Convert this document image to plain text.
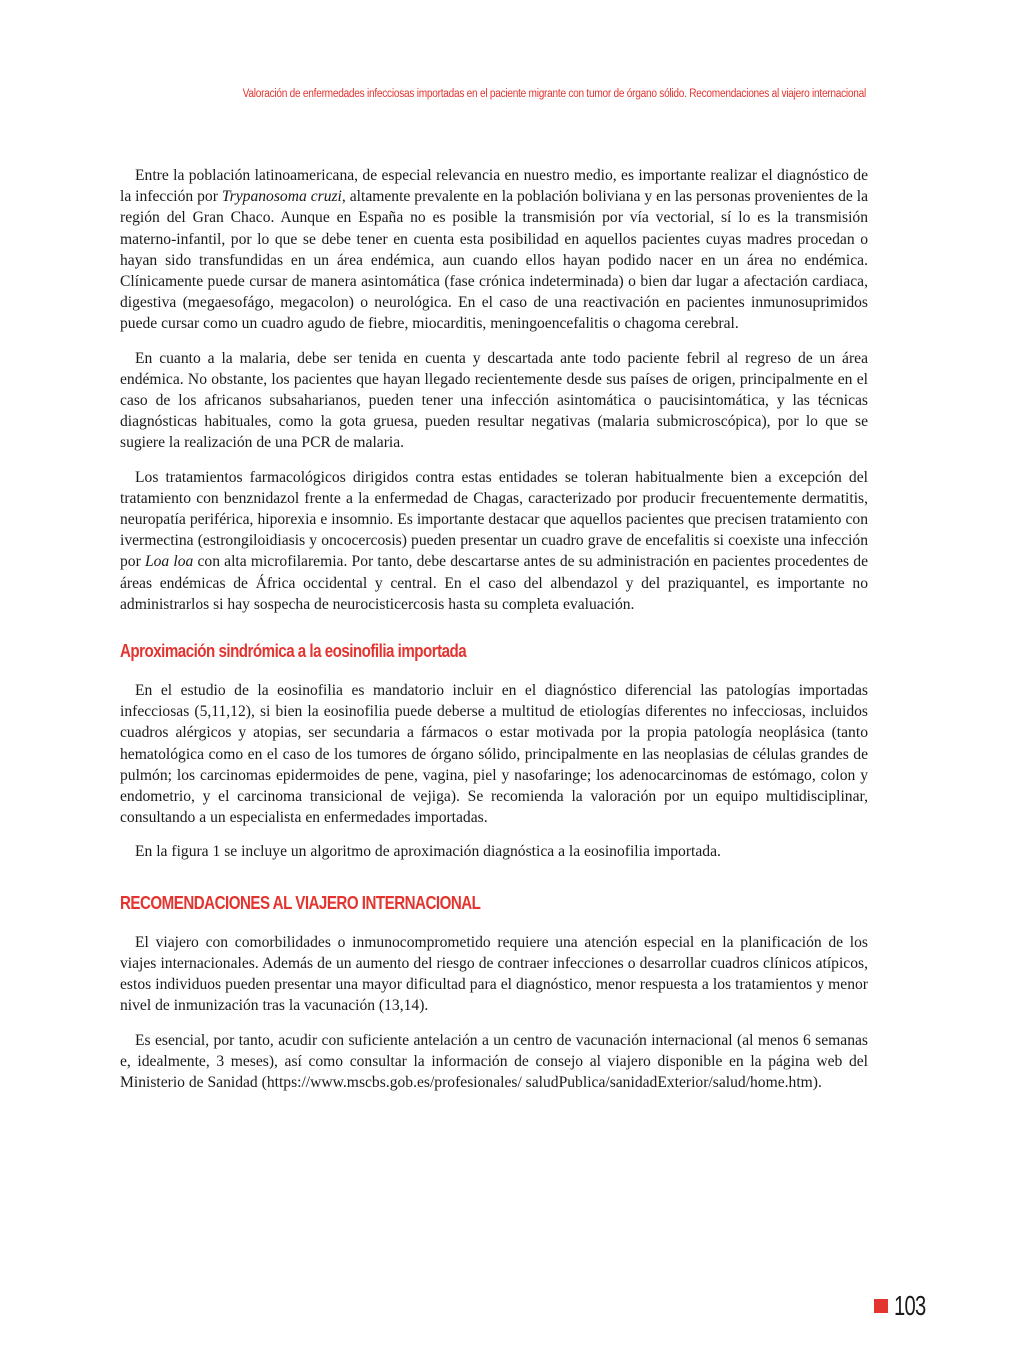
Valoración de enfermedades infecciosas importadas en el paciente migrante con tumor de órgano sólido. Recomendaciones al viajero internacional

Entre la población latinoamericana, de especial relevancia en nuestro medio, es importante realizar el diagnóstico de la infección por Trypanosoma cruzi, altamente prevalente en la población boliviana y en las personas provenientes de la región del Gran Chaco. Aunque en España no es posible la transmisión por vía vectorial, sí lo es la transmisión materno-infantil, por lo que se debe tener en cuenta esta posibilidad en aquellos pacientes cuyas madres procedan o hayan sido transfundidas en un área endémica, aun cuando ellos hayan podido nacer en un área no endémica. Clínicamente puede cursar de manera asintomática (fase crónica indeterminada) o bien dar lugar a afectación cardiaca, digestiva (megaesofágo, megacolon) o neurológica. En el caso de una reactivación en pacientes inmunosuprimidos puede cursar como un cuadro agudo de fiebre, miocarditis, meningoencefalitis o chagoma cerebral.

En cuanto a la malaria, debe ser tenida en cuenta y descartada ante todo paciente febril al regreso de un área endémica. No obstante, los pacientes que hayan llegado recientemente desde sus países de origen, principalmente en el caso de los africanos subsaharianos, pueden tener una infección asintomática o paucisintomática, y las técnicas diagnósticas habituales, como la gota gruesa, pueden resultar negativas (malaria submicroscópica), por lo que se sugiere la realización de una PCR de malaria.

Los tratamientos farmacológicos dirigidos contra estas entidades se toleran habitualmente bien a excepción del tratamiento con benznidazol frente a la enfermedad de Chagas, caracterizado por producir frecuentemente dermatitis, neuropatía periférica, hiporexia e insomnio. Es importante destacar que aquellos pacientes que precisen tratamiento con ivermectina (estrongiloidiasis y oncocercosis) pueden presentar un cuadro grave de encefalitis si coexiste una infección por Loa loa con alta microfilaremia. Por tanto, debe descartarse antes de su administración en pacientes procedentes de áreas endémicas de África occidental y central. En el caso del albendazol y del praziquantel, es importante no administrarlos si hay sospecha de neurocisticercosis hasta su completa evaluación.

Aproximación sindrómica a la eosinofilia importada

En el estudio de la eosinofilia es mandatorio incluir en el diagnóstico diferencial las patologías importadas infecciosas (5,11,12), si bien la eosinofilia puede deberse a multitud de etiologías diferentes no infecciosas, incluidos cuadros alérgicos y atopias, ser secundaria a fármacos o estar motivada por la propia patología neoplásica (tanto hematológica como en el caso de los tumores de órgano sólido, principalmente en las neoplasias de células grandes de pulmón; los carcinomas epidermoides de pene, vagina, piel y nasofaringe; los adenocarcinomas de estómago, colon y endometrio, y el carcinoma transicional de vejiga). Se recomienda la valoración por un equipo multidisciplinar, consultando a un especialista en enfermedades importadas.

En la figura 1 se incluye un algoritmo de aproximación diagnóstica a la eosinofilia importada.

RECOMENDACIONES AL VIAJERO INTERNACIONAL

El viajero con comorbilidades o inmunocomprometido requiere una atención especial en la planificación de los viajes internacionales. Además de un aumento del riesgo de contraer infecciones o desarrollar cuadros clínicos atípicos, estos individuos pueden presentar una mayor dificultad para el diagnóstico, menor respuesta a los tratamientos y menor nivel de inmunización tras la vacunación (13,14).

Es esencial, por tanto, acudir con suficiente antelación a un centro de vacunación internacional (al menos 6 semanas e, idealmente, 3 meses), así como consultar la información de consejo al viajero disponible en la página web del Ministerio de Sanidad (https://www.mscbs.gob.es/profesionales/ saludPublica/sanidadExterior/salud/home.htm).

103
